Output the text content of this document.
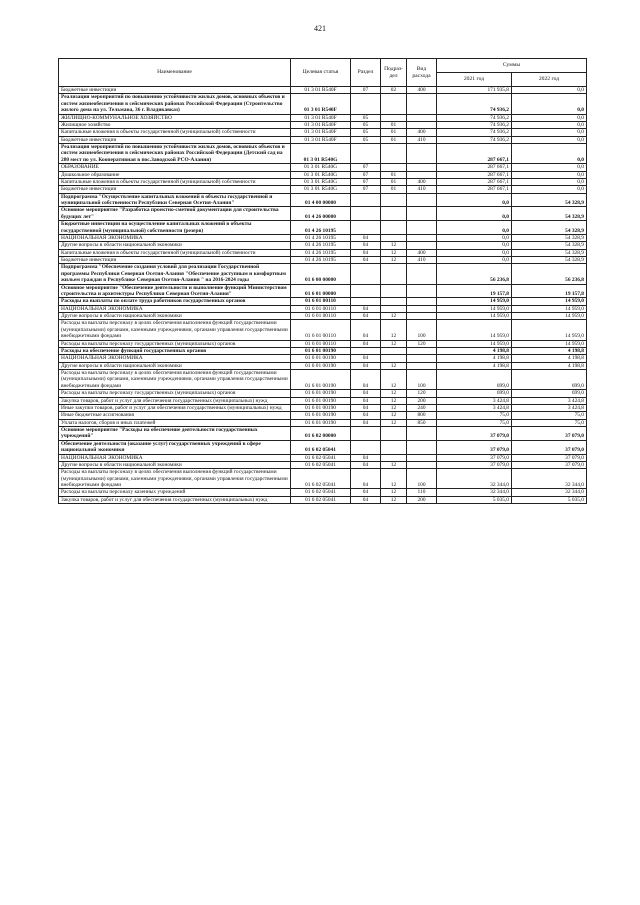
421
Наименование	Целевая статья	Раздел	Подраз-дел	Вид расхода	Суммы	
					2021 год	2022 год
Бюджетные инвестиции	01 3 01 R540F	07	02	400	171 935,8	0,0
Реализация мероприятий по повышению устойчивости жилых домов, основных объектов и систем жизнеобеспечения в сейсмических районах Российской Федерации (Строительство жилого дома на ул. Тельмана, 36 г. Владикавказ)	01 3 01 R540F				74 936,2	0,0
ЖИЛИЩНО-КОММУНАЛЬНОЕ ХОЗЯЙСТВО	01 3 01 R540F	05			74 936,2	0,0
Жилищное хозяйство	01 3 01 R540F	05	01		74 936,2	0,0
Капитальные вложения в объекты государственной (муниципальной) собственности	01 3 01 R540F	05	01	400	74 936,2	0,0
Бюджетные инвестиции	01 3 01 R540F	05	01	410	74 936,2	0,0
Реализация мероприятий по повышению устойчивости жилых домов, основных объектов и систем жизнеобеспечения в сейсмических районах Российской Федерации (Детский сад на 280 мест по ул. Кооперативная в пос.Заводской РСО-Алания)	01 3 01 R540G				287 667,1	0,0
ОБРАЗОВАНИЕ	01 3 01 R540G	07			287 667,1	0,0
Дошкольное образование	01 3 01 R540G	07	01		287 667,1	0,0
Капитальные вложения в объекты государственной (муниципальной) собственности	01 3 01 R540G	07	01	400	287 667,1	0,0
Бюджетные инвестиции	01 3 01 R540G	07	01	410	287 667,1	0,0
Подпрограмма "Осуществление капитальных вложений в объекты государственной и муниципальной собственности Республики Северная Осетия-Алания"	01 4 00 00000				0,0	54 328,9
Основное мероприятие "Разработка проектно-сметной документации для строительства будущих лет"	01 4 26 00000				0,0	54 328,9
Бюджетные инвестиции на осуществление капитальных вложений в объекты государственной (муниципальной) собственности (резерв)	01 4 26 10195				0,0	54 328,9
НАЦИОНАЛЬНАЯ ЭКОНОМИКА	01 4 26 10195	04			0,0	54 328,9
Другие вопросы в области национальной экономики	01 4 26 10195	04	12		0,0	54 328,9
Капитальные вложения в объекты государственной (муниципальной) собственности	01 4 26 10195	04	12	400	0,0	54 328,9
Бюджетные инвестиции	01 4 26 10195	04	12	410	0,0	54 328,9
Подпрограмма "Обеспечение создания условий для реализации Государственной программы Республики Северная Осетия-Алания "Обеспечение доступным и комфортным жильем граждан в Республике Северная Осетия-Алания " на 2016-2024 годы	01 6 00 00000				56 236,8	56 236,8
Основное мероприятие "Обеспечение деятельности и выполнение функций Министерством строительства и архитектуры Республики Северная Осетия-Алания"	01 6 01 00000				19 157,8	19 157,8
Расходы на выплаты по оплате труда работников государственных органов	01 6 01 00110				14 959,0	14 959,0
НАЦИОНАЛЬНАЯ ЭКОНОМИКА	01 6 01 00110	04			14 959,0	14 959,0
Другие вопросы в области национальной экономики	01 6 01 00110	04	12		14 959,0	14 959,0
Расходы на выплаты персоналу в целях обеспечения выполнения функций государственными (муниципальными) органами, казенными учреждениями, органами управления государственными внебюджетными фондами	01 6 01 00110	04	12	100	14 959,0	14 959,0
Расходы на выплаты персоналу государственных (муниципальных) органов	01 6 01 00110	04	12	120	14 959,0	14 959,0
Расходы на обеспечение функций государственных органов	01 6 01 00190				4 198,8	4 198,8
НАЦИОНАЛЬНАЯ ЭКОНОМИКА	01 6 01 00190	04			4 198,8	4 198,8
Другие вопросы в области национальной экономики	01 6 01 00190	04	12		4 198,8	4 198,8
Расходы на выплаты персоналу в целях обеспечения выполнения функций государственными (муниципальными) органами, казенными учреждениями, органами управления государственными внебюджетными фондами	01 6 01 00190	04	12	100	699,0	699,0
Расходы на выплаты персоналу государственных (муниципальных) органов	01 6 01 00190	04	12	120	699,0	699,0
Закупка товаров, работ и услуг для обеспечения государственных (муниципальных) нужд	01 6 01 00190	04	12	200	3 424,8	3 424,8
Иные закупки товаров, работ и услуг для обеспечения государственных (муниципальных) нужд	01 6 01 00190	04	12	240	3 424,8	3 424,8
Иные бюджетные ассигнования	01 6 01 00190	04	12	800	75,0	75,0
Уплата налогов, сборов и иных платежей	01 6 01 00190	04	12	850	75,0	75,0
Основное мероприятие "Расходы на обеспечение деятельности государственных учреждений"	01 6 02 00000				37 079,0	37 079,0
Обеспечение деятельности (оказание услуг) государственных учреждений в сфере национальной экономики	01 6 02 05041				37 079,0	37 079,0
НАЦИОНАЛЬНАЯ ЭКОНОМИКА	01 6 02 05041	04			37 079,0	37 079,0
Другие вопросы в области национальной экономики	01 6 02 05041	04	12		37 079,0	37 079,0
Расходы на выплаты персоналу в целях обеспечения выполнения функций государственными (муниципальными) органами, казенными учреждениями, органами управления государственными внебюджетными фондами	01 6 02 05041	04	12	100	32 344,0	32 344,0
Расходы на выплаты персоналу казенных учреждений	01 6 02 05041	04	12	110	32 344,0	32 344,0
Закупка товаров, работ и услуг для обеспечения государственных (муниципальных) нужд	01 6 02 05041	04	12	200	5 035,0	5 035,0
